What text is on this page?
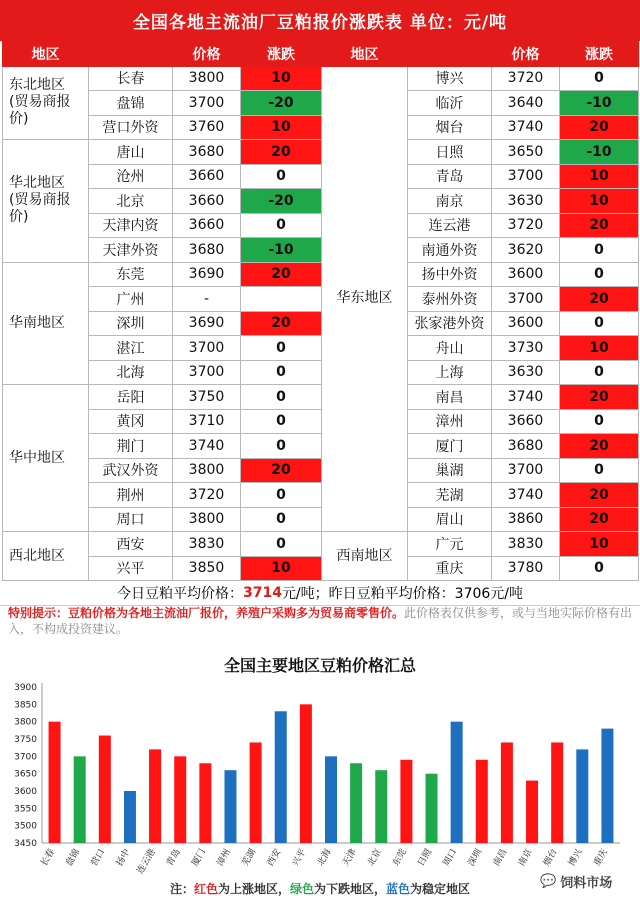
全国各地主流油厂豆粕报价涨跌表 单位：元/吨
地区		价格	涨跌	地区		价格	涨跌
东北地区
(贸易商报价)	长春	3800	10	华东地区	博兴	3720	0
	盘锦	3700	-20		临沂	3640	-10
	营口外资	3760	10		烟台	3740	20
华北地区
(贸易商报
价)	唐山	3680	20		日照	3650	-10
	沧州	3660	0		青岛	3700	10
	北京	3660	-20		南京	3630	10
	天津内资	3660	0		连云港	3720	20
	天津外资	3680	-10		南通外资	3620	0
华南地区	东莞	3690	20		扬中外资	3600	0
	广州	-			泰州外资	3700	20
	深圳	3690	20		张家港外资	3600	0
	湛江	3700	0		舟山	3730	10
	北海	3700	0		上海	3630	0
华中地区	岳阳	3750	0		南昌	3740	20
	黄冈	3710	0		漳州	3660	0
	荆门	3740	0		厦门	3680	20
	武汉外资	3800	20		巢湖	3700	0
	荆州	3720	0		芜湖	3740	20
	周口	3800	0		眉山	3860	20
西北地区	西安	3830	0	西南地区	广元	3830	10
	兴平	3850	10		重庆	3780	0
今日豆粕平均价格： 3714 元/吨； 昨日豆粕平均价格：3706元/吨
特别提示：豆粕价格为各地主流油厂报价，养殖户采购多为贸易商零售价。此价格表仅供参考，或与当地实际价格有出入，不构成投资建议。
全国主要地区豆粕价格汇总
3450
3500
3550
3600
3650
3700
3750
3800
3850
3900
长春 盘锦 营口 扬中 连云港 青岛 厦门 漳州 芜湖 西安 兴平 北海 天津 北京 东莞 日照 周口 深圳 南昌 南京 烟台 博兴 重庆
注：红色为上涨地区，绿色为下跌地区，蓝色为稳定地区	💬 饲料市场
